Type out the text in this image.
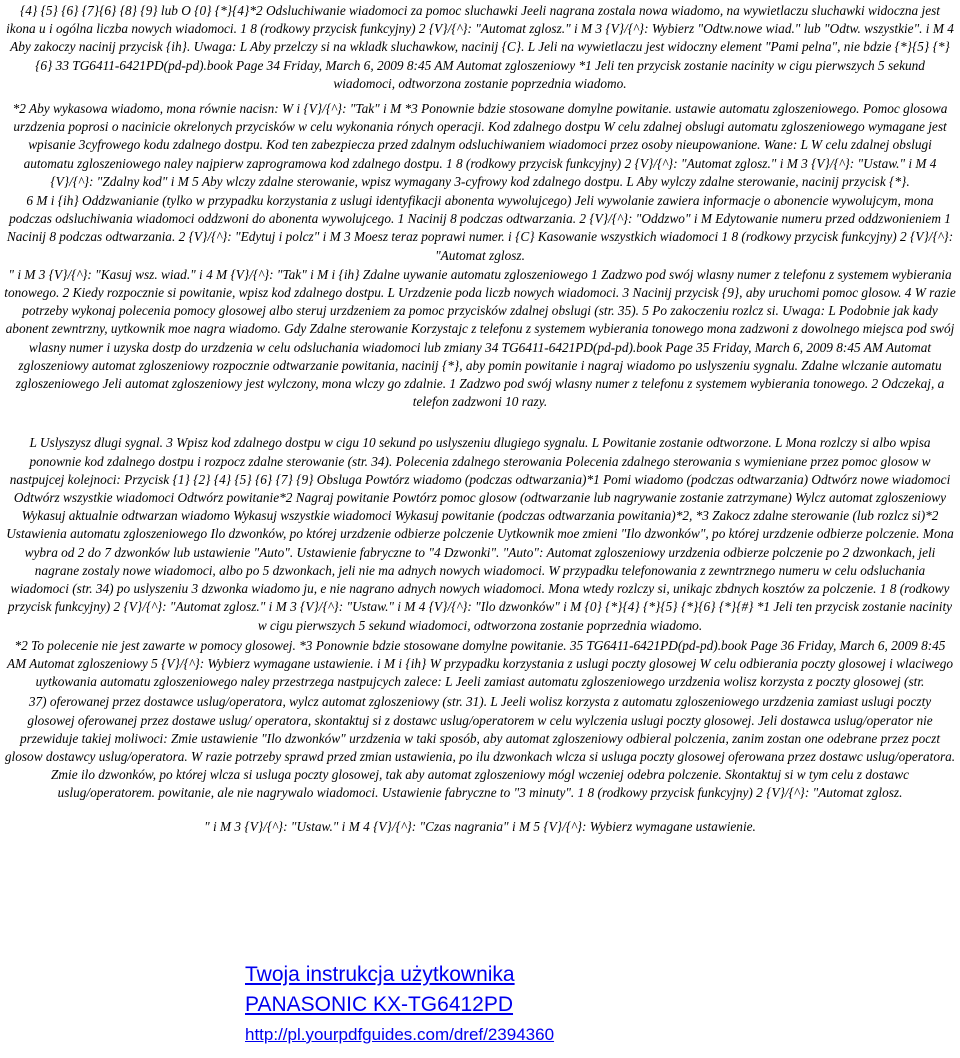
{4} {5} {6} {7}{6} {8} {9} lub O {0} {*}{4}*2 Odsluchiwanie wiadomoci za pomoc sluchawki Jeeli nagrana zostala nowa wiadomo, na wywietlaczu sluchawki widoczna jest ikona u i ogólna liczba nowych wiadomoci. 1 8 (rodkowy przycisk funkcyjny) 2 {V}/{^}: "Automat zglosz." i M 3 {V}/{^}: Wybierz "Odtw.nowe wiad." lub "Odtw. wszystkie". i M 4 Aby zakoczy nacinij przycisk {ih}. Uwaga: L Aby przelczy si na wkladk sluchawkow, nacinij {C}. L Jeli na wywietlaczu jest widoczny element "Pami pelna", nie bdzie {*}{5} {*}{6} 33 TG6411-6421PD(pd-pd).book Page 34 Friday, March 6, 2009 8:45 AM Automat zgloszeniowy *1 Jeli ten przycisk zostanie nacinity w cigu pierwszych 5 sekund wiadomoci, odtworzona zostanie poprzednia wiadomo.

*2 Aby wykasowa wiadomo, mona równie nacisn: W i {V}/{^}: "Tak" i M *3 Ponownie bdzie stosowane domylne powitanie. ustawie automatu zgloszeniowego. Pomoc glosowa urzdzenia poprosi o nacinicie okrelonych przycisków w celu wykonania rónych operacji. Kod zdalnego dostpu W celu zdalnej obslugi automatu zgloszeniowego wymagane jest wpisanie 3cyfrowego kodu zdalnego dostpu. Kod ten zabezpiecza przed zdalnym odsluchiwaniem wiadomoci przez osoby nieupowanione. Wane: L W celu zdalnej obslugi automatu zgloszeniowego naley najpierw zaprogramowa kod zdalnego dostpu. 1 8 (rodkowy przycisk funkcyjny) 2 {V}/{^}: "Automat zglosz." i M 3 {V}/{^}: "Ustaw." i M 4 {V}/{^}: "Zdalny kod" i M 5 Aby wlczy zdalne sterowanie, wpisz wymagany 3-cyfrowy kod zdalnego dostpu. L Aby wylczy zdalne sterowanie, nacinij przycisk {*}.

6 M i {ih} Oddzwanianie (tylko w przypadku korzystania z uslugi identyfikacji abonenta wywolujcego) Jeli wywolanie zawiera informacje o abonencie wywolujcym, mona podczas odsluchiwania wiadomoci oddzwoni do abonenta wywolujcego. 1 Nacinij 8 podczas odtwarzania. 2 {V}/{^}: "Oddzwo" i M Edytowanie numeru przed oddzwonieniem 1 Nacinij 8 podczas odtwarzania. 2 {V}/{^}: "Edytuj i polcz" i M 3 Moesz teraz poprawi numer. i {C} Kasowanie wszystkich wiadomoci 1 8 (rodkowy przycisk funkcyjny) 2 {V}/{^}: "Automat zglosz.

" i M 3 {V}/{^}: "Kasuj wsz. wiad." i 4 M {V}/{^}: "Tak" i M i {ih} Zdalne uywanie automatu zgloszeniowego 1 Zadzwo pod swój wlasny numer z telefonu z systemem wybierania tonowego. 2 Kiedy rozpocznie si powitanie, wpisz kod zdalnego dostpu. L Urzdzenie poda liczb nowych wiadomoci. 3 Nacinij przycisk {9}, aby uruchomi pomoc glosow. 4 W razie potrzeby wykonaj polecenia pomocy glosowej albo steruj urzdzeniem za pomoc przycisków zdalnej obslugi (str. 35). 5 Po zakoczeniu rozlcz si. Uwaga: L Podobnie jak kady abonent zewntrzny, uytkownik moe nagra wiadomo. Gdy Zdalne sterowanie Korzystajc z telefonu z systemem wybierania tonowego mona zadzwoni z dowolnego miejsca pod swój wlasny numer i uzyska dostp do urzdzenia w celu odsluchania wiadomoci lub zmiany 34 TG6411-6421PD(pd-pd).book Page 35 Friday, March 6, 2009 8:45 AM Automat zgloszeniowy automat zgloszeniowy rozpocznie odtwarzanie powitania, nacinij {*}, aby pomin powitanie i nagraj wiadomo po uslyszeniu sygnalu. Zdalne wlczanie automatu zgloszeniowego Jeli automat zgloszeniowy jest wylczony, mona wlczy go zdalnie. 1 Zadzwo pod swój wlasny numer z telefonu z systemem wybierania tonowego. 2 Odczekaj, a telefon zadzwoni 10 razy.

L Uslyszysz dlugi sygnal. 3 Wpisz kod zdalnego dostpu w cigu 10 sekund po uslyszeniu dlugiego sygnalu. L Powitanie zostanie odtworzone. L Mona rozlczy si albo wpisa ponownie kod zdalnego dostpu i rozpocz zdalne sterowanie (str. 34). Polecenia zdalnego sterowania Polecenia zdalnego sterowania s wymieniane przez pomoc glosow w nastpujcej kolejnoci: Przycisk {1} {2} {4} {5} {6} {7} {9} Obsluga Powtórz wiadomo (podczas odtwarzania)*1 Pomi wiadomo (podczas odtwarzania) Odtwórz nowe wiadomoci Odtwórz wszystkie wiadomoci Odtwórz powitanie*2 Nagraj powitanie Powtórz pomoc glosow (odtwarzanie lub nagrywanie zostanie zatrzymane) Wylcz automat zgloszeniowy Wykasuj aktualnie odtwarzan wiadomo Wykasuj wszystkie wiadomoci Wykasuj powitanie (podczas odtwarzania powitania)*2, *3 Zakocz zdalne sterowanie (lub rozlcz si)*2 Ustawienia automatu zgloszeniowego Ilo dzwonków, po której urzdzenie odbierze polczenie Uytkownik moe zmieni "Ilo dzwonków", po której urzdzenie odbierze polczenie. Mona wybra od 2 do 7 dzwonków lub ustawienie "Auto". Ustawienie fabryczne to "4 Dzwonki". "Auto": Automat zgloszeniowy urzdzenia odbierze polczenie po 2 dzwonkach, jeli nagrane zostaly nowe wiadomoci, albo po 5 dzwonkach, jeli nie ma adnych nowych wiadomoci. W przypadku telefonowania z zewntrznego numeru w celu odsluchania wiadomoci (str. 34) po uslyszeniu 3 dzwonka wiadomo ju, e nie nagrano adnych nowych wiadomoci. Mona wtedy rozlczy si, unikajc zbdnych kosztów za polczenie. 1 8 (rodkowy przycisk funkcyjny) 2 {V}/{^}: "Automat zglosz." i M 3 {V}/{^}: "Ustaw." i M 4 {V}/{^}: "Ilo dzwonków" i M {0} {*}{4} {*}{5} {*}{6} {*}{#} *1 Jeli ten przycisk zostanie nacinity w cigu pierwszych 5 sekund wiadomoci, odtworzona zostanie poprzednia wiadomo.

*2 To polecenie nie jest zawarte w pomocy glosowej. *3 Ponownie bdzie stosowane domylne powitanie. 35 TG6411-6421PD(pd-pd).book Page 36 Friday, March 6, 2009 8:45 AM Automat zgloszeniowy 5 {V}/{^}: Wybierz wymagane ustawienie. i M i {ih} W przypadku korzystania z uslugi poczty glosowej W celu odbierania poczty glosowej i wlaciwego uytkowania automatu zgloszeniowego naley przestrzega nastpujcych zalece: L Jeeli zamiast automatu zgloszeniowego urzdzenia wolisz korzysta z poczty glosowej (str.

37) oferowanej przez dostawce uslug/operatora, wylcz automat zgloszeniowy (str. 31). L Jeeli wolisz korzysta z automatu zgloszeniowego urzdzenia zamiast uslugi poczty glosowej oferowanej przez dostawe uslug/ operatora, skontaktuj si z dostawc uslug/operatorem w celu wylczenia uslugi poczty glosowej. Jeli dostawca uslug/operator nie przewiduje takiej moliwoci: Zmie ustawienie "Ilo dzwonków" urzdzenia w taki sposób, aby automat zgloszeniowy odbieral polczenia, zanim zostan one odebrane przez poczt glosow dostawcy uslug/operatora. W razie potrzeby sprawd przed zmian ustawienia, po ilu dzwonkach wlcza si usluga poczty glosowej oferowana przez dostawc uslug/operatora. Zmie ilo dzwonków, po której wlcza si usluga poczty glosowej, tak aby automat zgloszeniowy mógl wczeniej odebra polczenie. Skontaktuj si w tym celu z dostawc uslug/operatorem. powitanie, ale nie nagrywalo wiadomoci. Ustawienie fabryczne to "3 minuty". 1 8 (rodkowy przycisk funkcyjny) 2 {V}/{^}: "Automat zglosz.

" i M 3 {V}/{^}: "Ustaw." i M 4 {V}/{^}: "Czas nagrania" i M 5 {V}/{^}: Wybierz wymagane ustawienie.

Twoja instrukcja użytkownika
PANASONIC KX-TG6412PD
http://pl.yourpdfguides.com/dref/2394360
